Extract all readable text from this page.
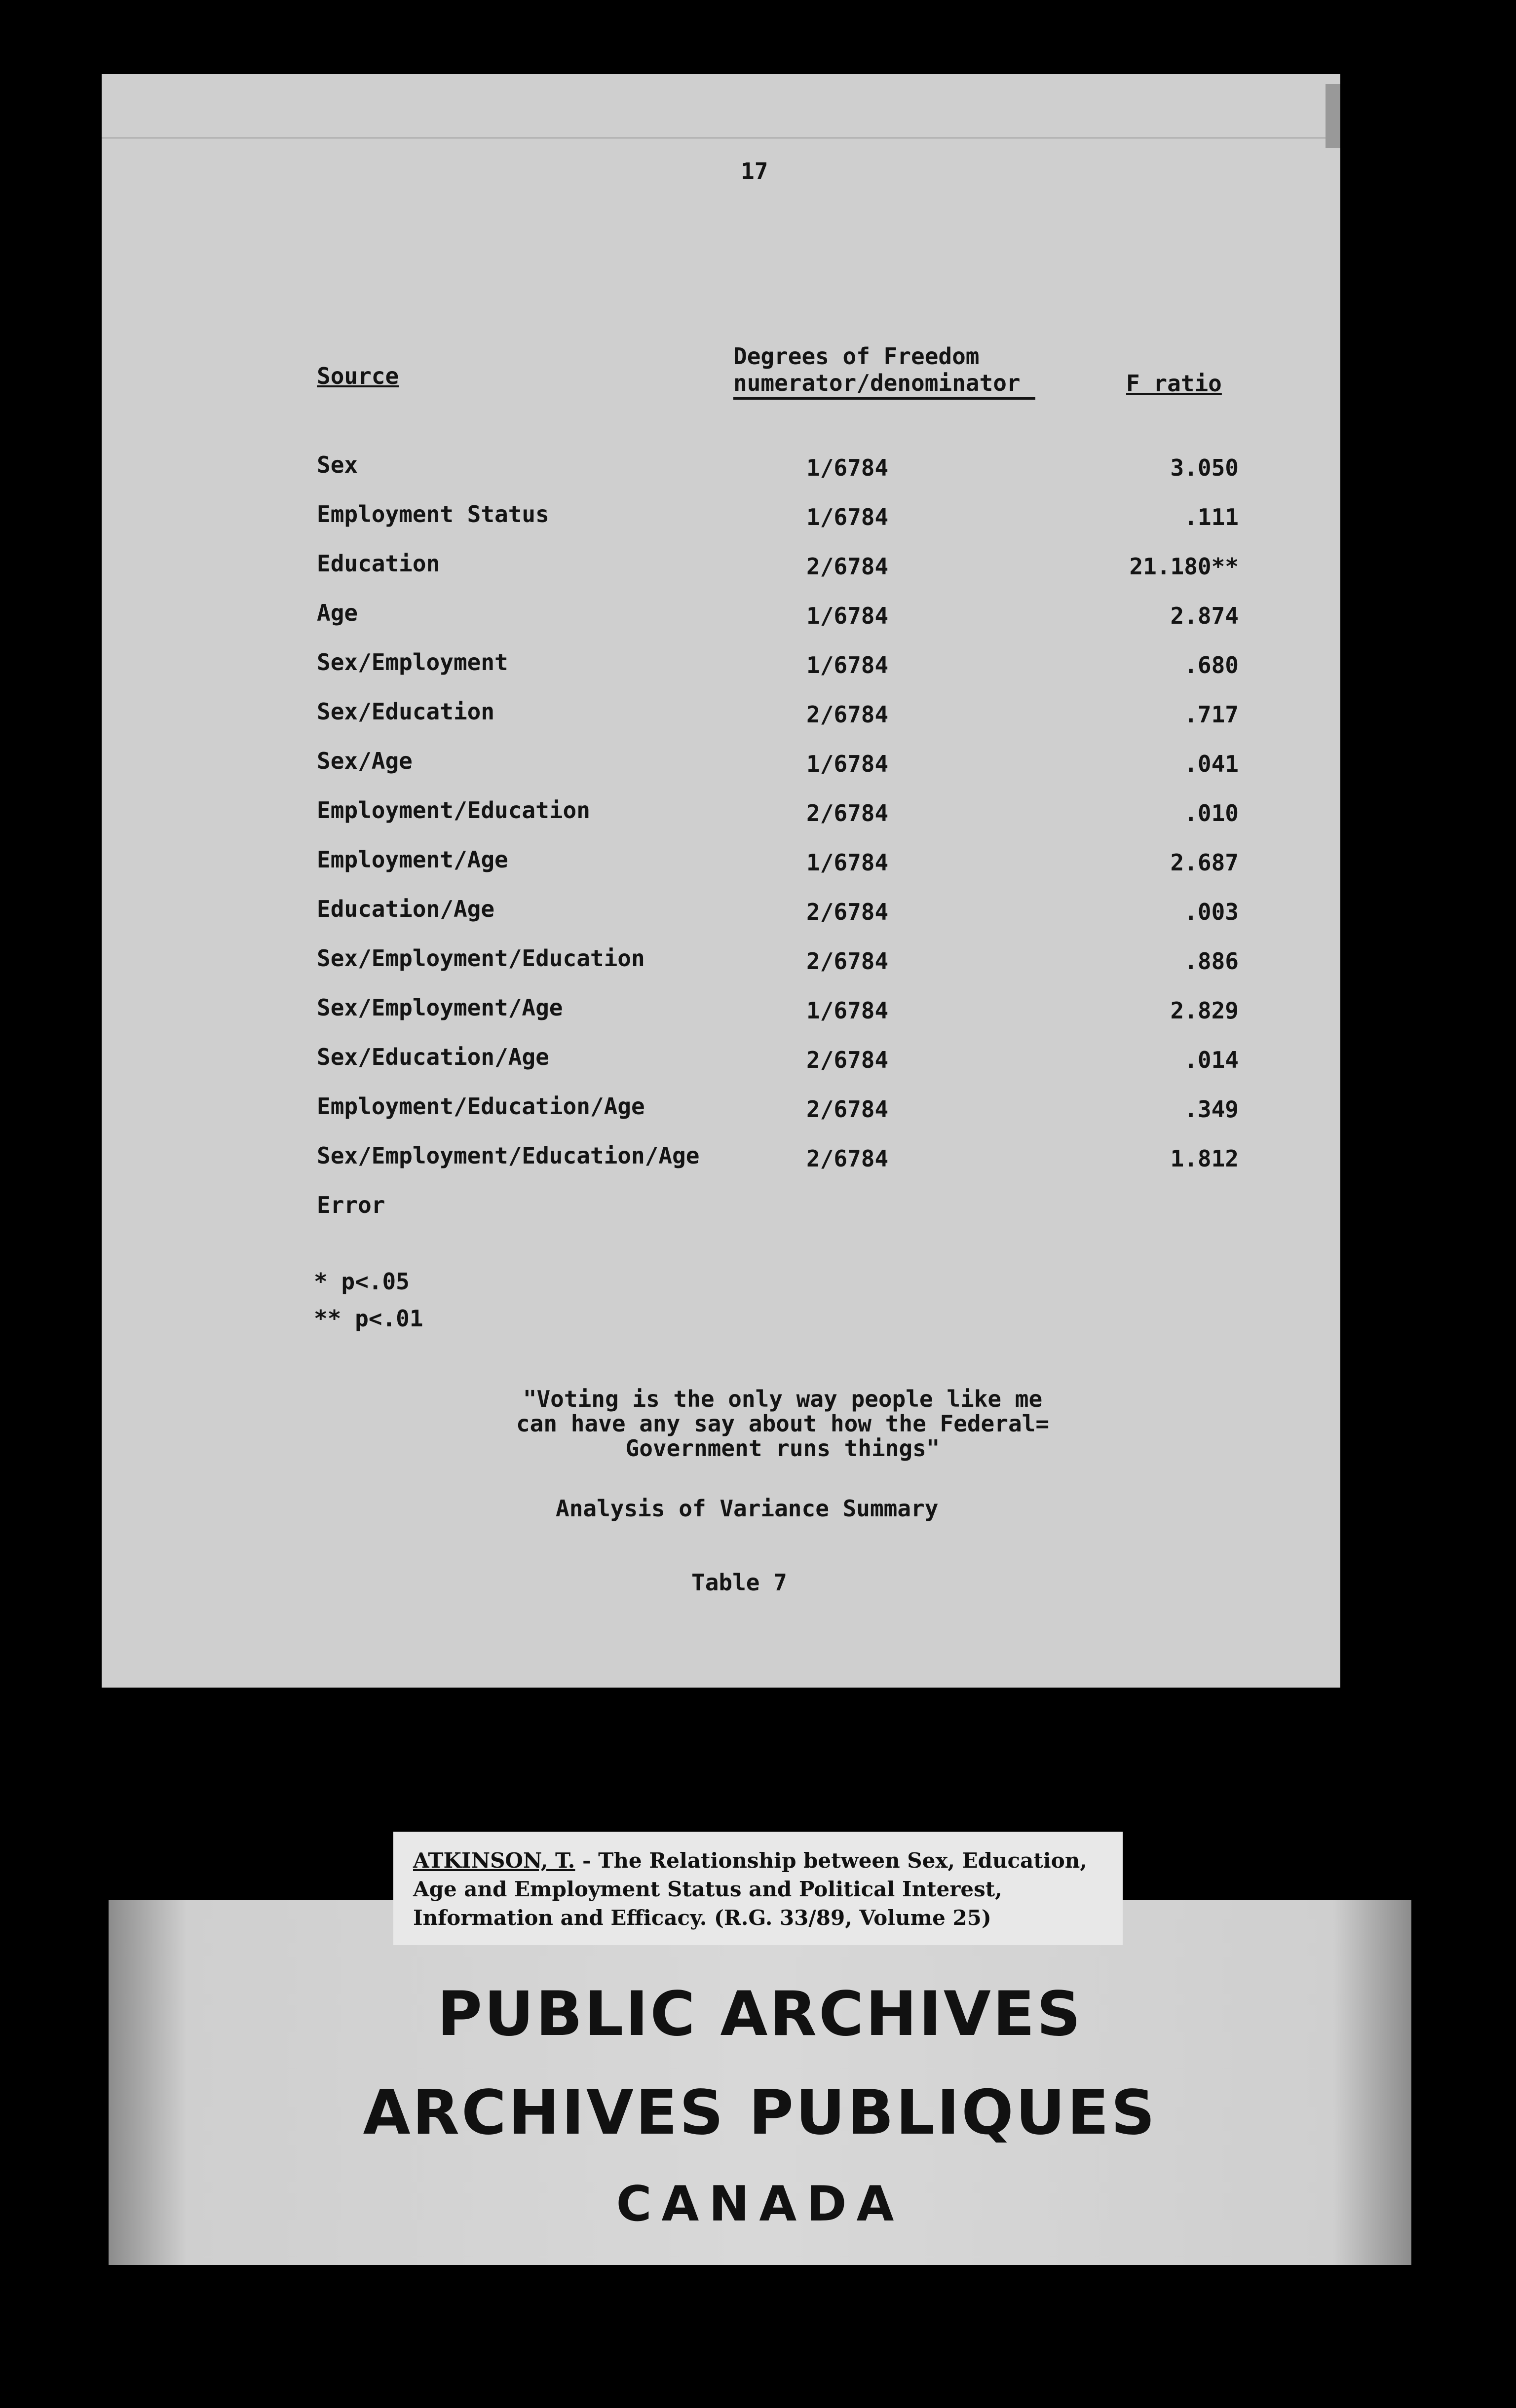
17
Source
Degrees of Freedom
numerator/denominator	F ratio
Sex	1/6784	3.050
Employment Status	1/6784	.111
Education	2/6784	21.180**
Age	1/6784	2.874
Sex/Employment	1/6784	.680
Sex/Education	2/6784	.717
Sex/Age	1/6784	.041
Employment/Education	2/6784	.010
Employment/Age	1/6784	2.687
Education/Age	2/6784	.003
Sex/Employment/Education	2/6784	.886
Sex/Employment/Age	1/6784	2.829
Sex/Education/Age	2/6784	.014
Employment/Education/Age	2/6784	.349
Sex/Employment/Education/Age	2/6784	1.812
Error
* p<.05
** p<.01
"Voting is the only way people like me can have any say about how the Federal= Government runs things"
Analysis of Variance Summary
Table 7
PUBLIC ARCHIVES
ARCHIVES PUBLIQUES
CANADA
ATKINSON, T. - The Relationship between Sex, Education, Age and Employment Status and Political Interest, Information and Efficacy. (R.G. 33/89, Volume 25)
